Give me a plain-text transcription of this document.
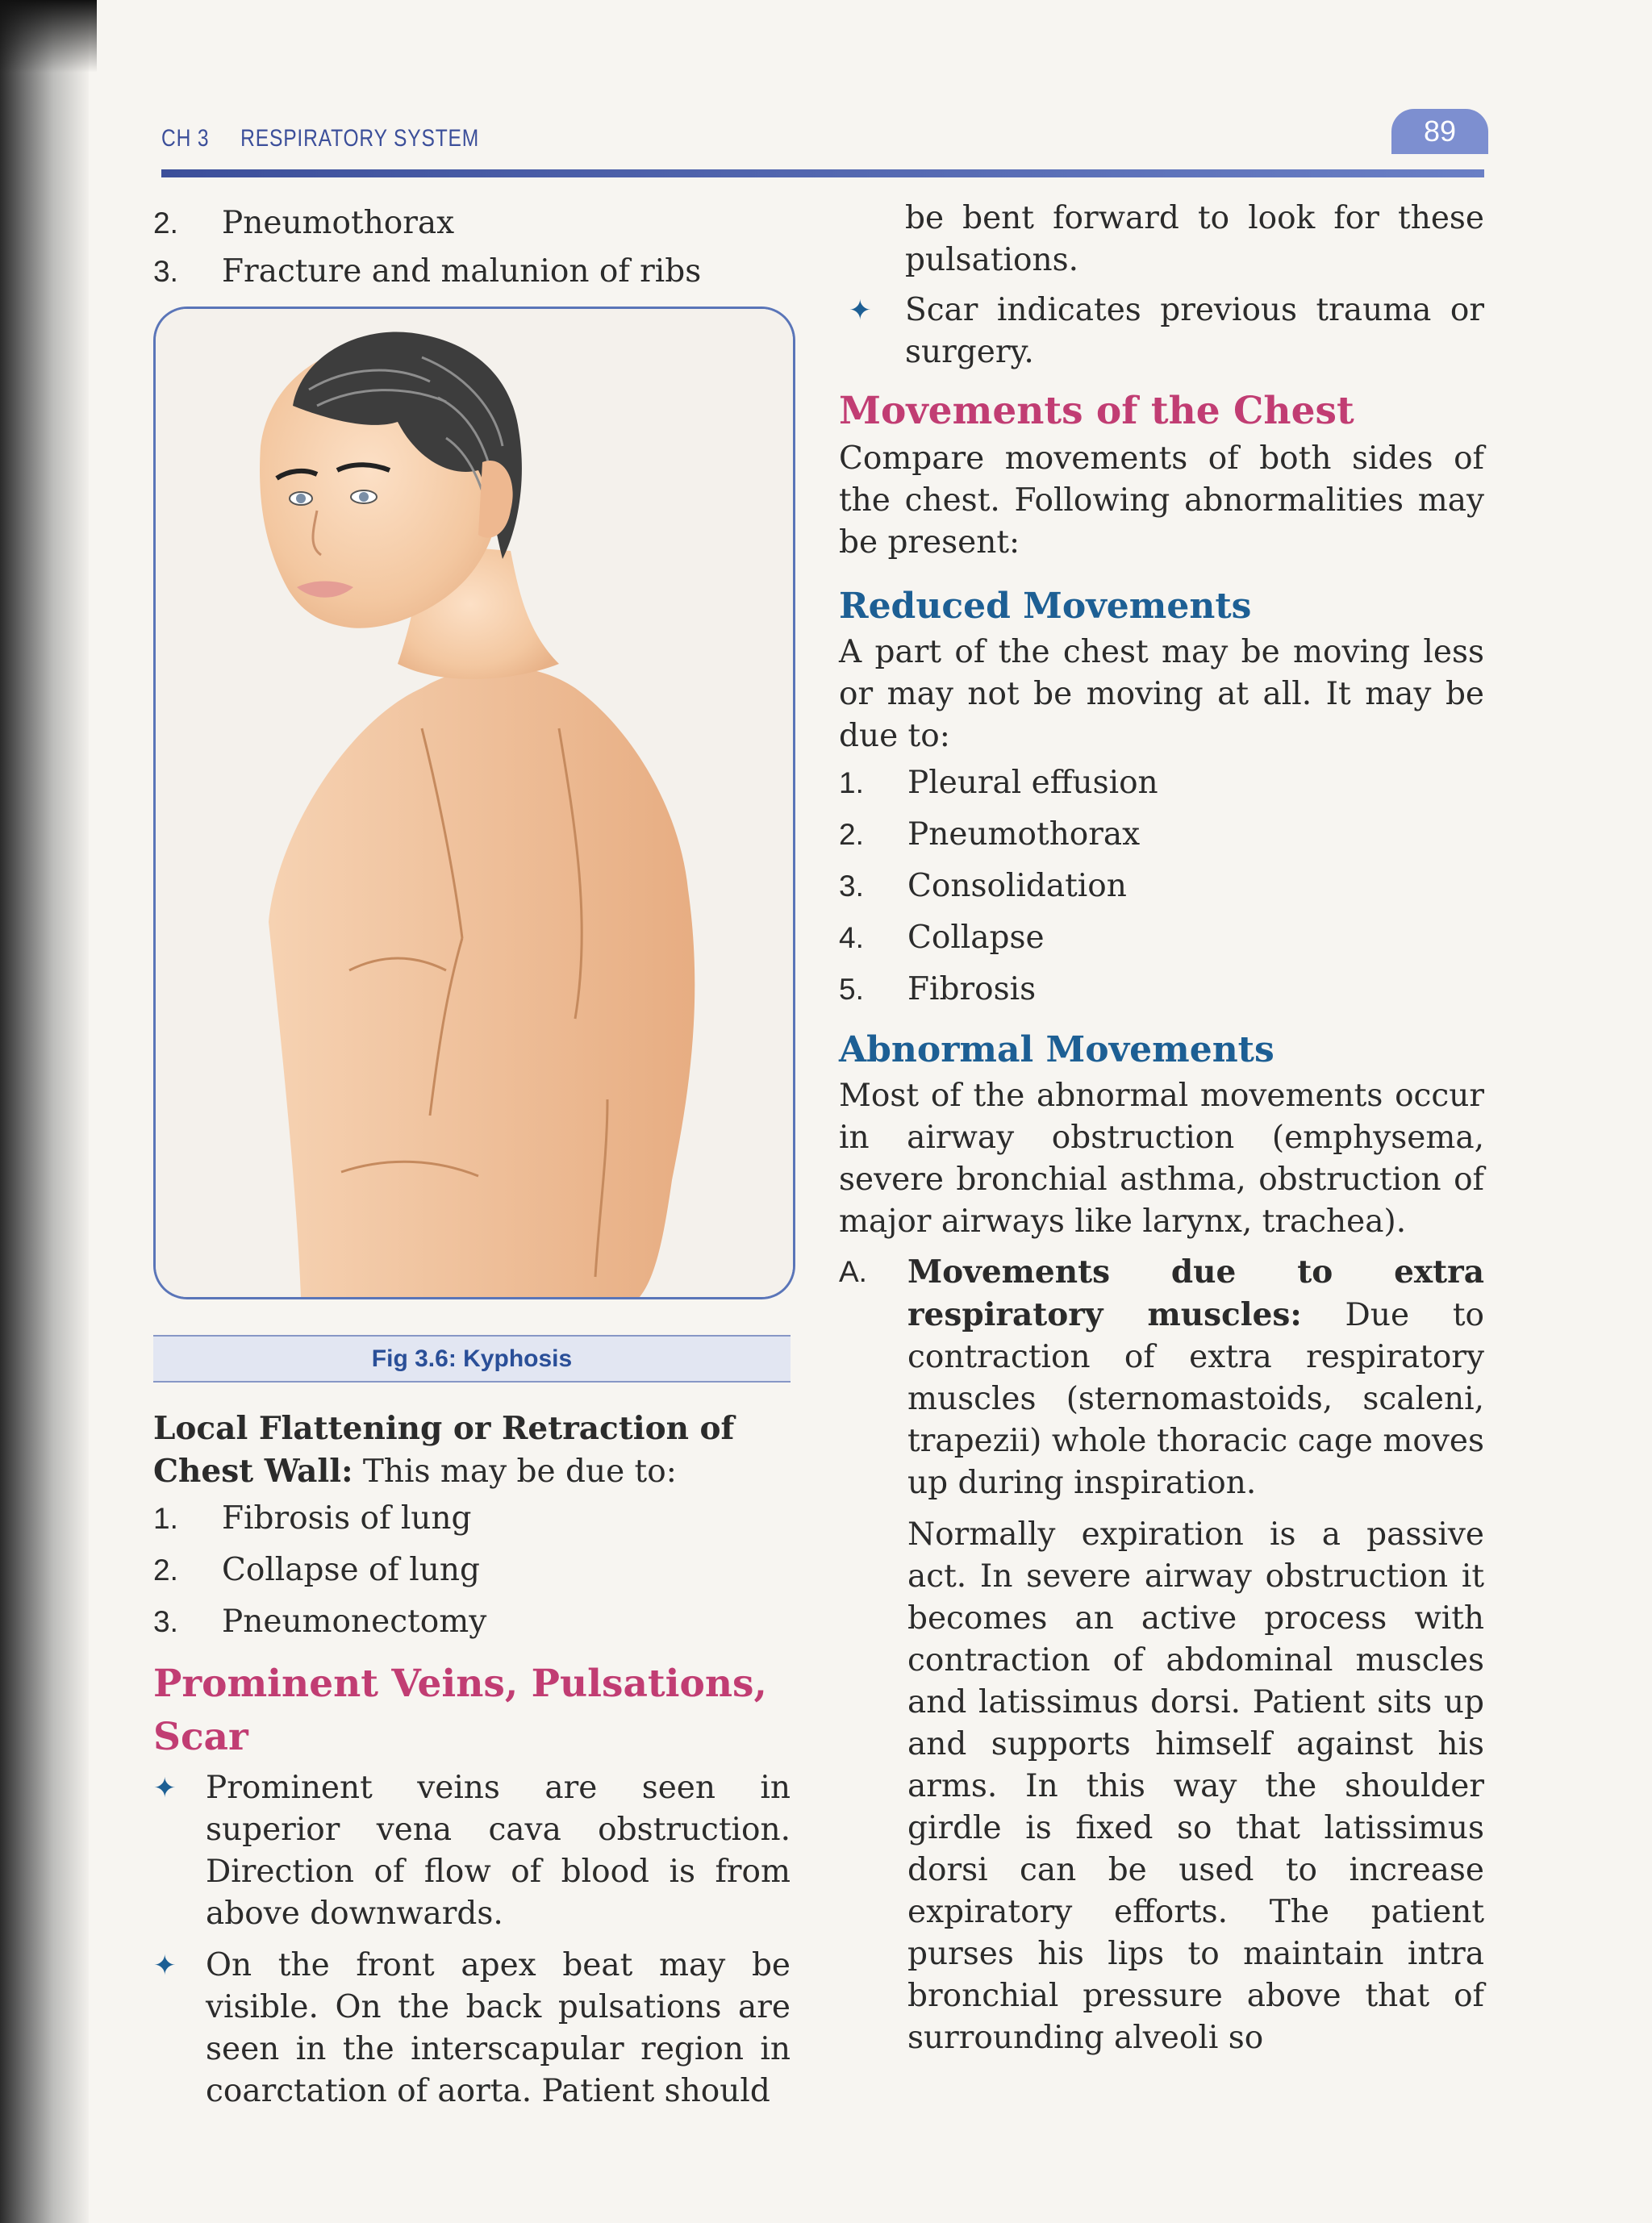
CH 3 RESPIRATORY SYSTEM	89
2.	Pneumothorax
3.	Fracture and malunion of ribs
Fig 3.6: Kyphosis

Local Flattening or Retraction of Chest Wall: This may be due to:

1.	Fibrosis of lung
2.	Collapse of lung
3.	Pneumonectomy
Prominent Veins, Pulsations, Scar
✦ Prominent veins are seen in superior vena cava obstruction. Direction of flow of blood is from above downwards.
✦ On the front apex beat may be visible. On the back pulsations are seen in the interscapular region in coarctation of aorta. Patient should

be bent forward to look for these pulsations.

✦	Scar indicates previous trauma or surgery.
Movements of the Chest

Compare movements of both sides of the chest. Following abnormalities may be present:

Reduced Movements

A part of the chest may be moving less or may not be moving at all. It may be due to:

1.	Pleural effusion
2.	Pneumothorax
3.	Consolidation
4.	Collapse
5.	Fibrosis
Abnormal Movements

Most of the abnormal movements occur in airway obstruction (emphysema, severe bronchial asthma, obstruction of major airways like larynx, trachea).

A.	Movements due to extra respiratory muscles: Due to contraction of extra respiratory muscles (sternomastoids, scaleni, trapezii) whole thoracic cage moves up during inspiration.

Normally expiration is a passive act. In severe airway obstruction it becomes an active process with contraction of abdominal muscles and latissimus dorsi. Patient sits up and supports himself against his arms. In this way the shoulder girdle is fixed so that latissimus dorsi can be used to increase expiratory efforts. The patient purses his lips to maintain intra bronchial pressure above that of surrounding alveoli so
